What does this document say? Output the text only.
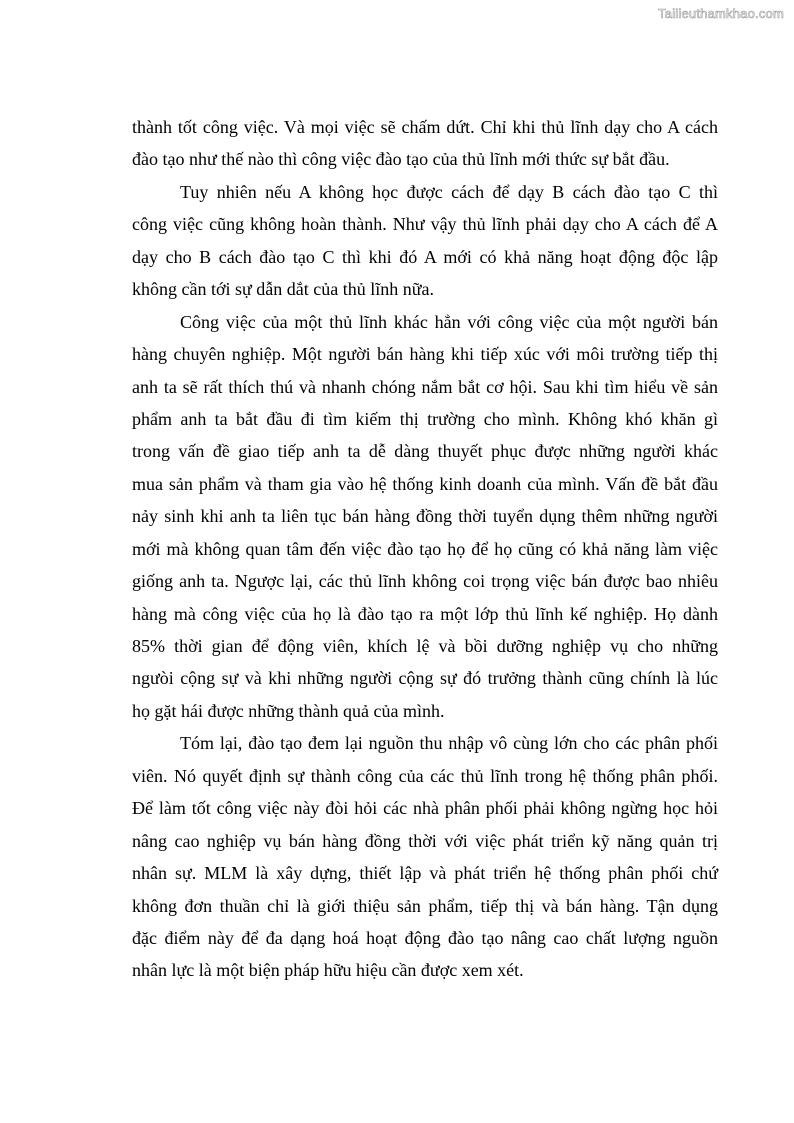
Tailieuthamkhao.com

thành tốt công việc. Và mọi việc sẽ chấm dứt. Chỉ khi thủ lĩnh dạy cho A cách
đào tạo như thế nào thì công việc đào tạo của thủ lĩnh mới thức sự bắt đầu.

Tuy nhiên nếu A không học được cách để dạy B cách đào tạo C thì
công việc cũng không hoàn thành. Như vậy thủ lĩnh phải dạy cho A cách để A
dạy cho B cách đào tạo C thì khi đó A mới có khả năng hoạt động độc lập
không cần tới sự dẫn dắt của thủ lĩnh nữa.

Công việc của một thủ lĩnh khác hẳn với công việc của một người bán
hàng chuyên nghiệp. Một người bán hàng khi tiếp xúc với môi trường tiếp thị
anh ta sẽ rất thích thú và nhanh chóng nắm bắt cơ hội. Sau khi tìm hiểu về sản
phẩm anh ta bắt đầu đi tìm kiếm thị trường cho mình. Không khó khăn gì
trong vấn đề giao tiếp anh ta dễ dàng thuyết phục được những người khác
mua sản phẩm và tham gia vào hệ thống kinh doanh của mình. Vấn đề bắt đầu
nảy sinh khi anh ta liên tục bán hàng đồng thời tuyển dụng thêm những người
mới mà không quan tâm đến việc đào tạo họ để họ cũng có khả năng làm việc
giống anh ta. Ngược lại, các thủ lĩnh không coi trọng việc bán được bao nhiêu
hàng mà công việc của họ là đào tạo ra một lớp thủ lĩnh kế nghiệp. Họ dành
85% thời gian để động viên, khích lệ và bồi dưỡng nghiệp vụ cho những
ngưòi cộng sự và khi những người cộng sự đó trưởng thành cũng chính là lúc
họ gặt hái được những thành quả của mình.

Tóm lại, đào tạo đem lại nguồn thu nhập vô cùng lớn cho các phân phối
viên. Nó quyết định sự thành công của các thủ lĩnh trong hệ thống phân phối.
Để làm tốt công việc này đòi hỏi các nhà phân phối phải không ngừng học hỏi
nâng cao nghiệp vụ bán hàng đồng thời với việc phát triển kỹ năng quản trị
nhân sự. MLM là xây dựng, thiết lập và phát triển hệ thống phân phối chứ
không đơn thuần chỉ là giới thiệu sản phẩm, tiếp thị và bán hàng. Tận dụng
đặc điểm này để đa dạng hoá hoạt động đào tạo nâng cao chất lượng nguồn
nhân lực là một biện pháp hữu hiệu cần được xem xét.
